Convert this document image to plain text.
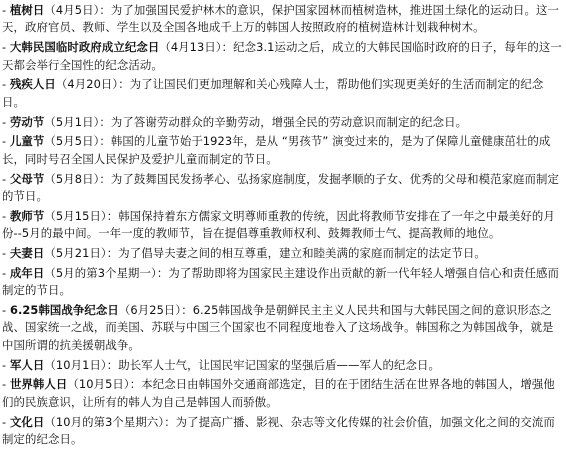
- 植树日（4月5日）：为了加强国民爱护林木的意识，保护国家园林而植树造林，推进国土绿化的运动日。这一天，政府官员、教师、学生以及全国各地成千上万的韩国人按照政府的植树造林计划栽种树木。

- 大韩民国临时政府成立纪念日（4月13日）：纪念3.1运动之后，成立的大韩民国临时政府的日子，每年的这一天都会举行全国性的纪念活动。

- 残疾人日（4月20日）：为了让国民们更加理解和关心残障人士，帮助他们实现更美好的生活而制定的纪念日。

- 劳动节（5月1日）：为了答谢劳动群众的辛勤劳动，增强全民的劳动意识而制定的纪念日。

- 儿童节（5月5日）：韩国的儿童节始于1923年，是从 “男孩节” 演变过来的，是为了保障儿童健康茁壮的成长，同时号召全国人民保护及爱护儿童而制定的节日。

- 父母节（5月8日）：为了鼓舞国民发扬孝心、弘扬家庭制度，发掘孝顺的子女、优秀的父母和模范家庭而制定的节日。

- 教师节（5月15日）：韩国保持着东方儒家文明尊师重教的传统，因此将教师节安排在了一年之中最美好的月份--5月的最中间。一年一度的教师节，旨在提倡尊重教师权利、鼓舞教师士气、提高教师的地位。

- 夫妻日（5月21日）：为了倡导夫妻之间的相互尊重，建立和睦美满的家庭而制定的法定节日。

- 成年日（5月的第3个星期一）：为了帮助即将为国家民主建设作出贡献的新一代年轻人增强自信心和责任感而制定的节日。

- 6.25韩国战争纪念日（6月25日）：6.25韩国战争是朝鲜民主主义人民共和国与大韩民国之间的意识形态之战、国家统一之战，而美国、苏联与中国三个国家也不同程度地卷入了这场战争。韩国称之为韩国战争，就是中国所谓的抗美援朝战争。

- 军人日（10月1日）：助长军人士气，让国民牢记国家的坚强后盾——军人的纪念日。

- 世界韩人日（10月5日）：本纪念日由韩国外交通商部选定，目的在于团结生活在世界各地的韩国人，增强他们的民族意识，让所有的韩人为自己是韩国人而骄傲。

- 文化日（10月的第3个星期六）：为了提高广播、影视、杂志等文化传媒的社会价值，加强文化之间的交流而制定的纪念日。
